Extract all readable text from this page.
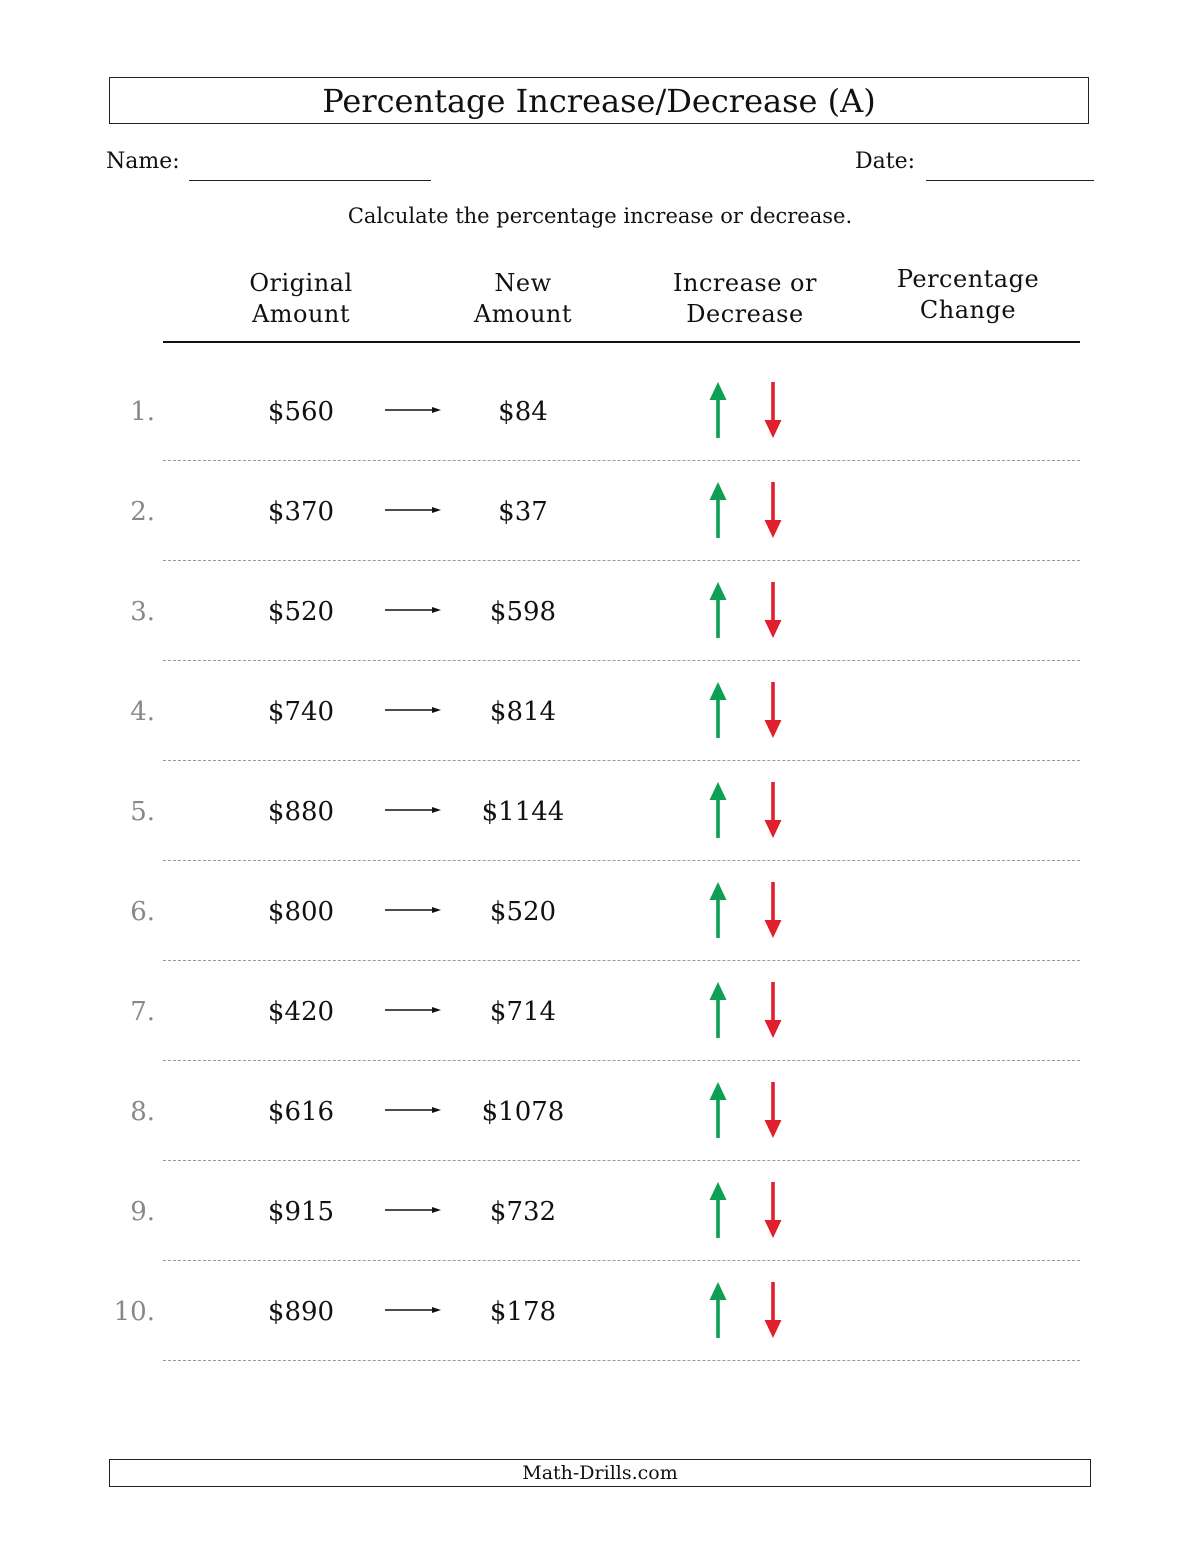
Percentage Increase/Decrease (A)
Name:	Date:
Calculate the percentage increase or decrease.
Original
Amount
New
Amount
Increase or
Decrease
Percentage
Change
1.	$560	$84
2.	$370	$37
3.	$520	$598
4.	$740	$814
5.	$880	$1144
6.	$800	$520
7.	$420	$714
8.	$616	$1078
9.	$915	$732
10.	$890	$178
Math-Drills.com
